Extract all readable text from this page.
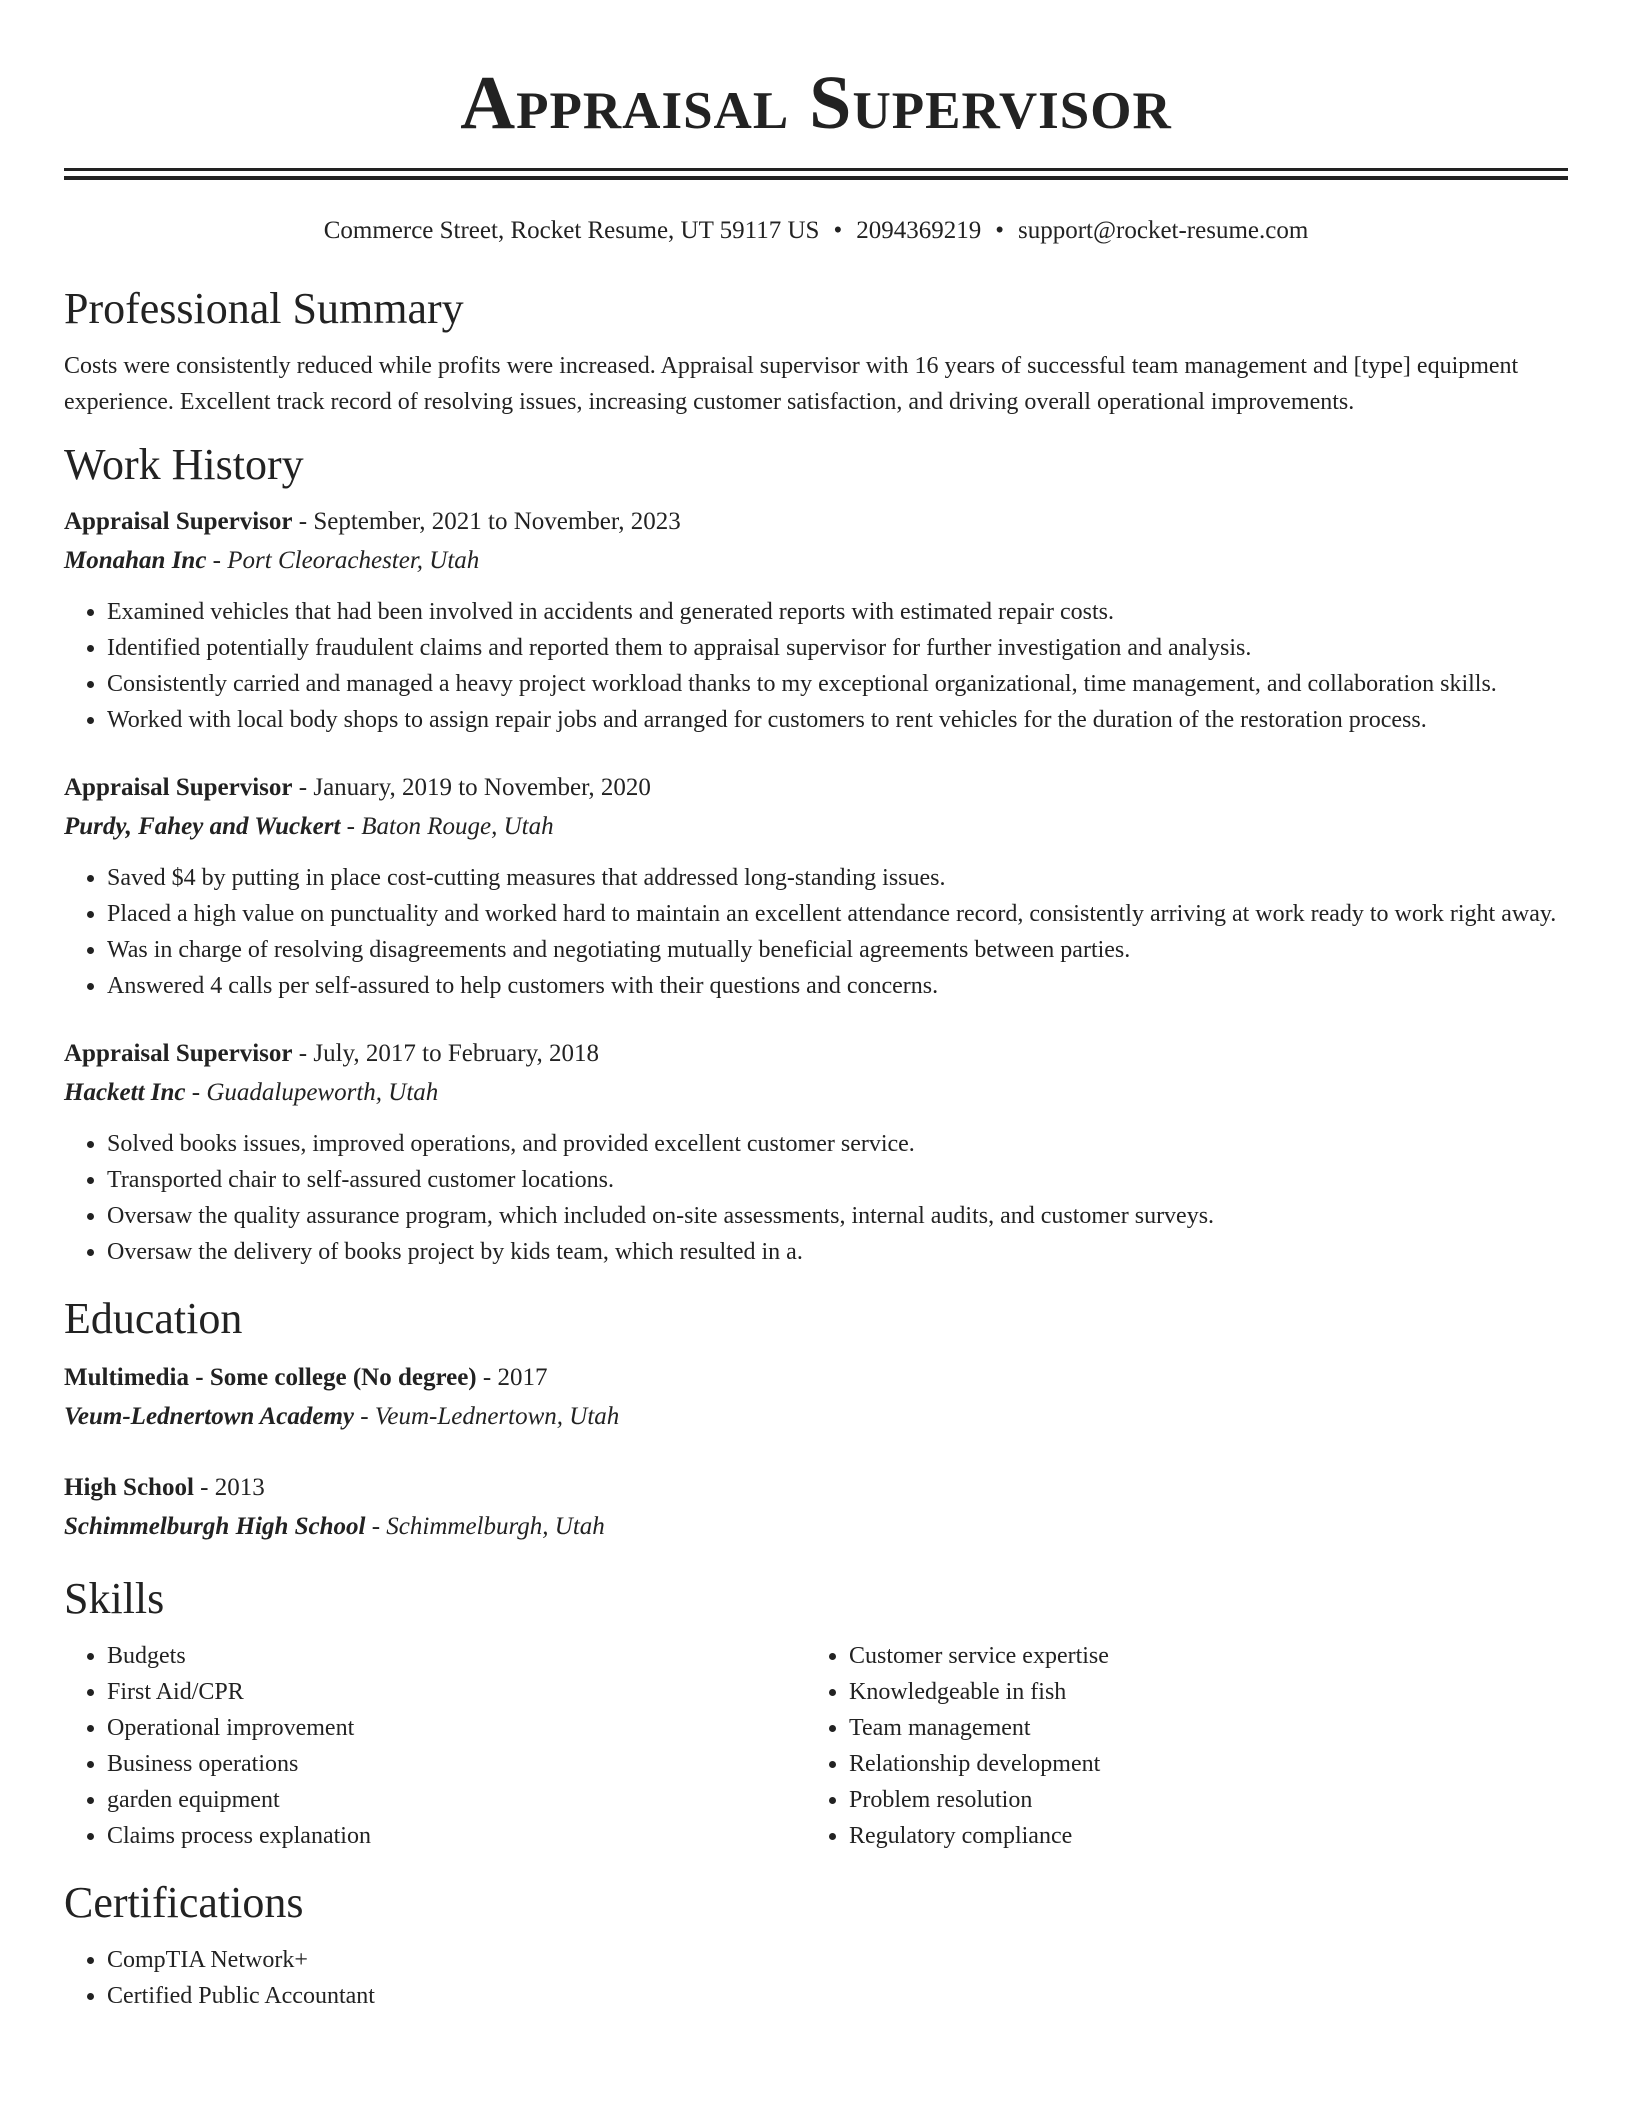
Appraisal Supervisor
Commerce Street, Rocket Resume, UT 59117 US • 2094369219 • support@rocket-resume.com
Professional Summary
Costs were consistently reduced while profits were increased. Appraisal supervisor with 16 years of successful team management and [type] equipment experience. Excellent track record of resolving issues, increasing customer satisfaction, and driving overall operational improvements.
Work History
Appraisal Supervisor - September, 2021 to November, 2023
Monahan Inc - Port Cleorachester, Utah
• Examined vehicles that had been involved in accidents and generated reports with estimated repair costs.
• Identified potentially fraudulent claims and reported them to appraisal supervisor for further investigation and analysis.
• Consistently carried and managed a heavy project workload thanks to my exceptional organizational, time management, and collaboration skills.
• Worked with local body shops to assign repair jobs and arranged for customers to rent vehicles for the duration of the restoration process.
Appraisal Supervisor - January, 2019 to November, 2020
Purdy, Fahey and Wuckert - Baton Rouge, Utah
• Saved $4 by putting in place cost-cutting measures that addressed long-standing issues.
• Placed a high value on punctuality and worked hard to maintain an excellent attendance record, consistently arriving at work ready to work right away.
• Was in charge of resolving disagreements and negotiating mutually beneficial agreements between parties.
• Answered 4 calls per self-assured to help customers with their questions and concerns.
Appraisal Supervisor - July, 2017 to February, 2018
Hackett Inc - Guadalupeworth, Utah
• Solved books issues, improved operations, and provided excellent customer service.
• Transported chair to self-assured customer locations.
• Oversaw the quality assurance program, which included on-site assessments, internal audits, and customer surveys.
• Oversaw the delivery of books project by kids team, which resulted in a.
Education
Multimedia - Some college (No degree) - 2017
Veum-Lednertown Academy - Veum-Lednertown, Utah
High School - 2013
Schimmelburgh High School - Schimmelburgh, Utah
Skills
• Budgets
• First Aid/CPR
• Operational improvement
• Business operations
• garden equipment
• Claims process explanation
• Customer service expertise
• Knowledgeable in fish
• Team management
• Relationship development
• Problem resolution
• Regulatory compliance
Certifications
• CompTIA Network+
• Certified Public Accountant
